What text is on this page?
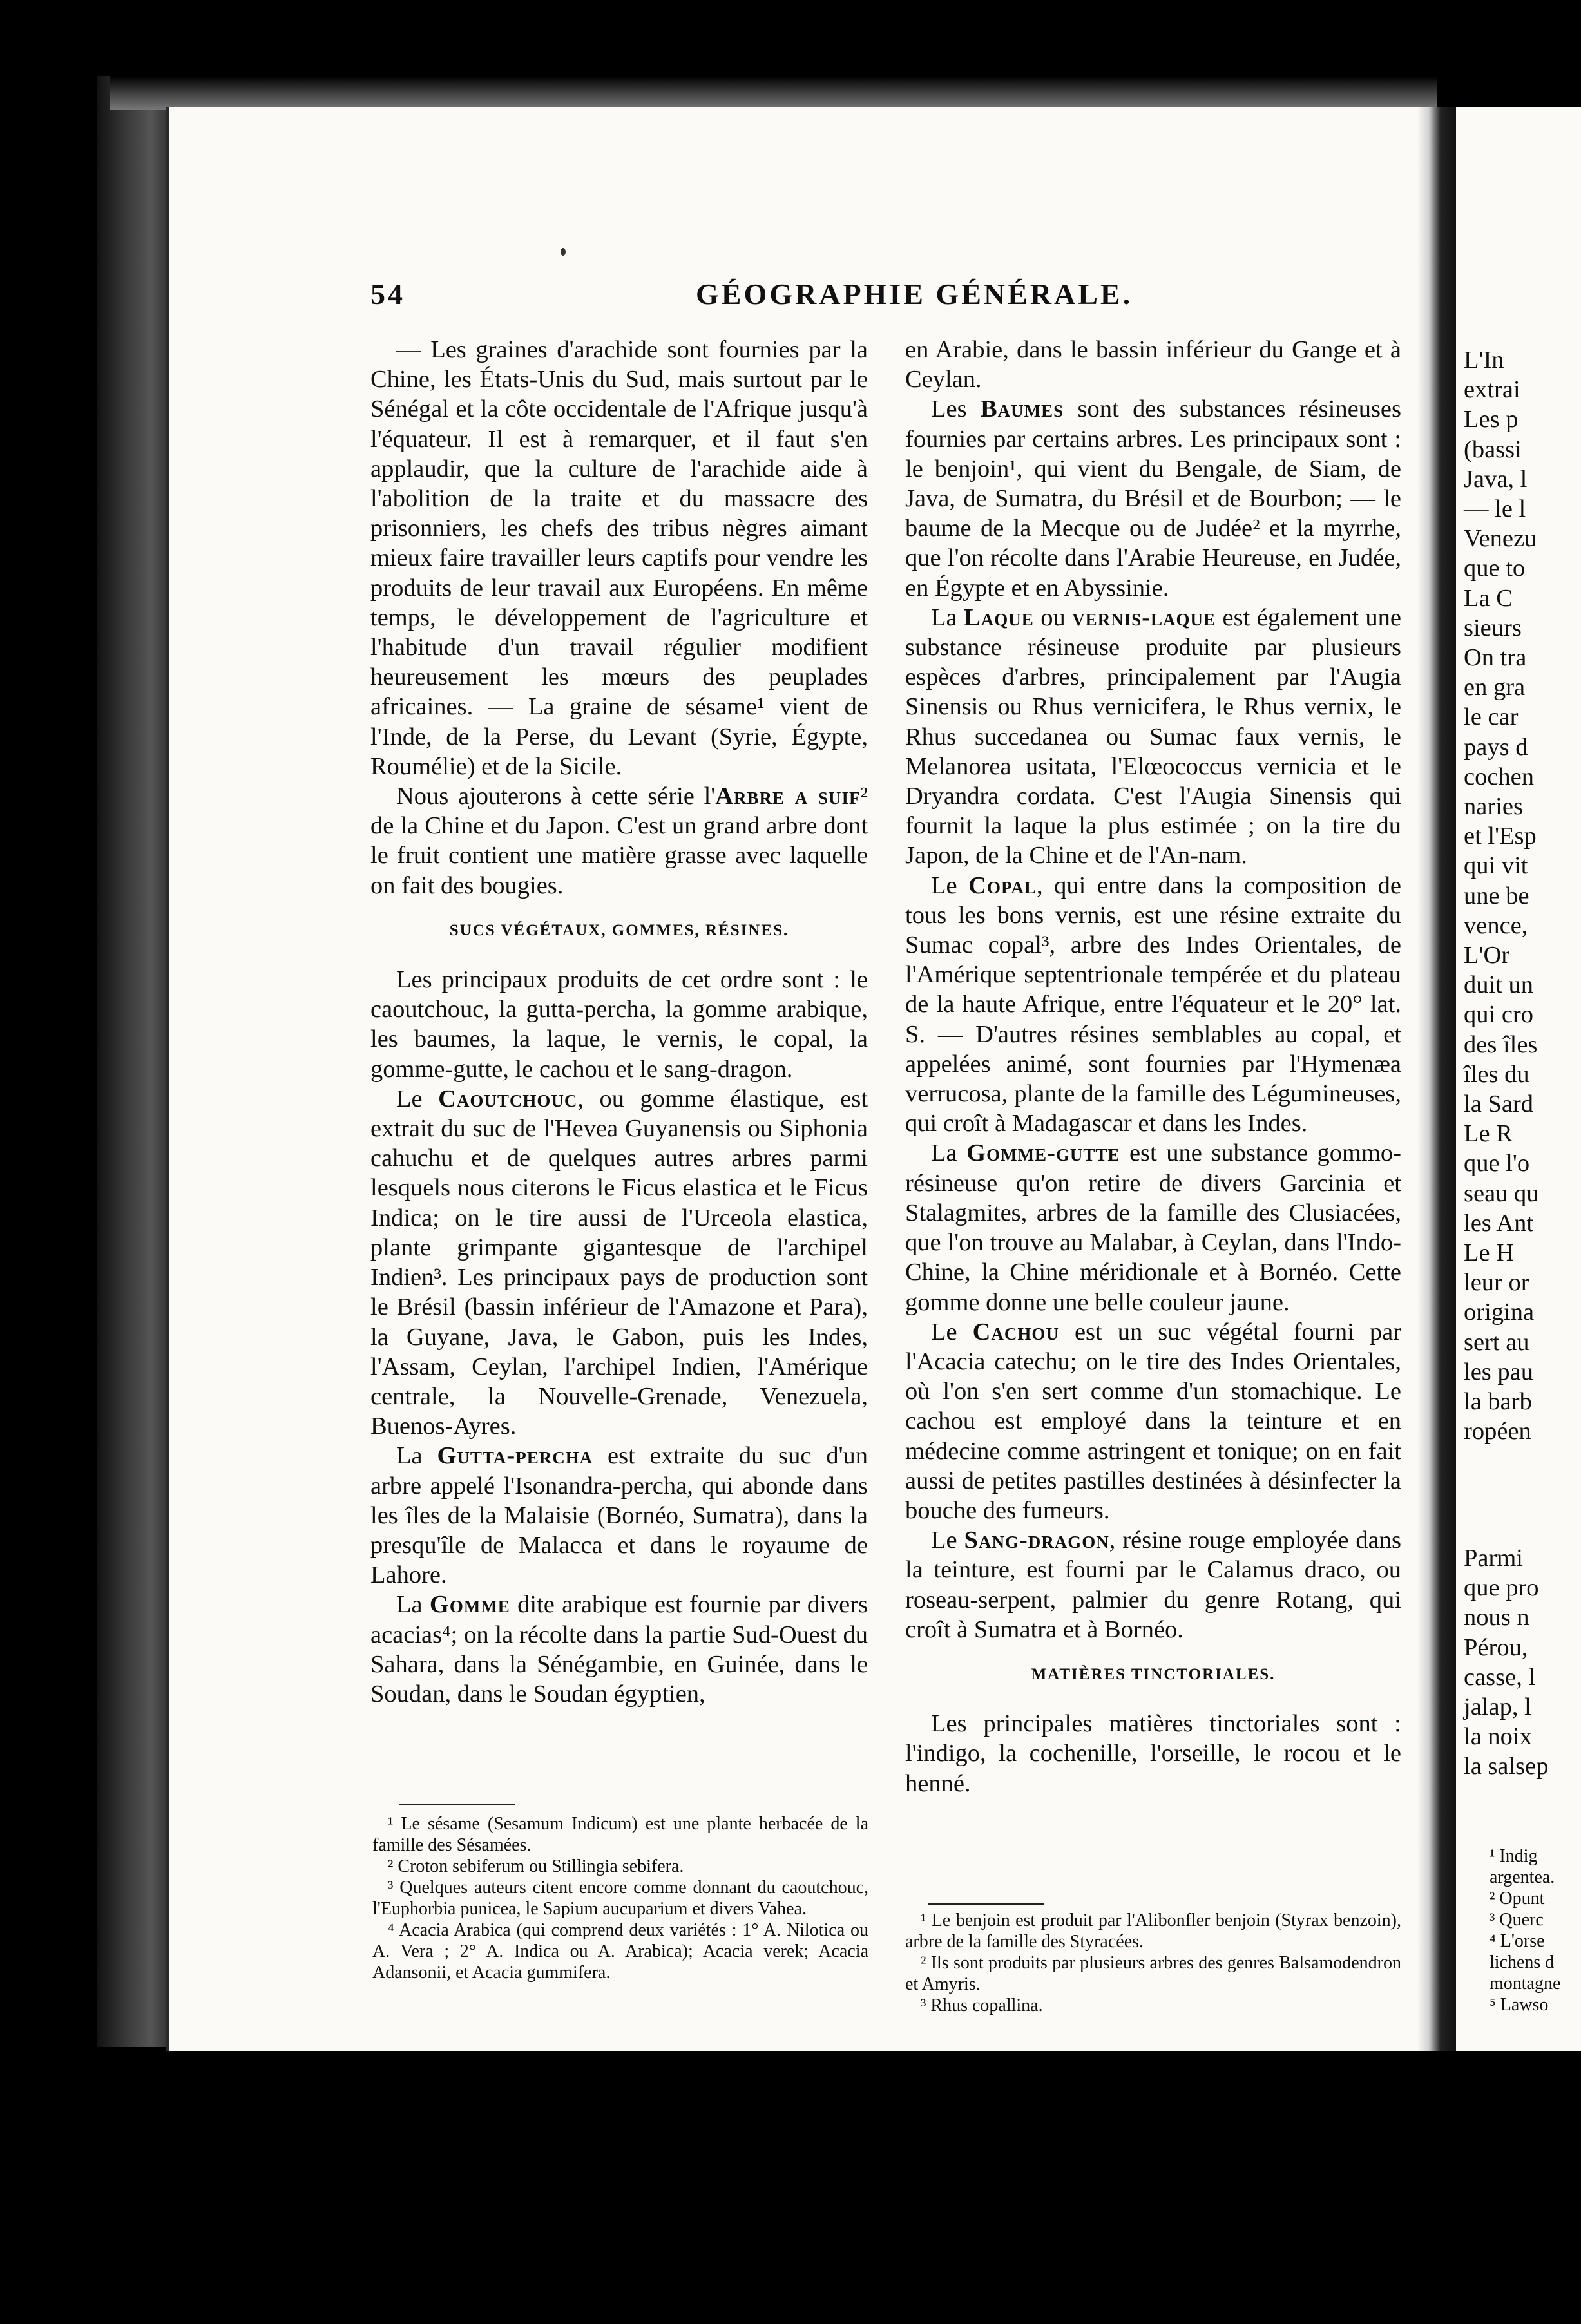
54	GÉOGRAPHIE GÉNÉRALE.

— Les graines d'arachide sont fournies par la Chine, les États-Unis du Sud, mais surtout par le Sénégal et la côte occidentale de l'Afrique jusqu'à l'équateur. Il est à remarquer, et il faut s'en applaudir, que la culture de l'arachide aide à l'abolition de la traite et du massacre des prisonniers, les chefs des tribus nègres aimant mieux faire travailler leurs captifs pour vendre les produits de leur travail aux Européens. En même temps, le développement de l'agriculture et l'habitude d'un travail régulier modifient heureusement les mœurs des peuplades africaines. — La graine de sésame¹ vient de l'Inde, de la Perse, du Levant (Syrie, Égypte, Roumélie) et de la Sicile.

Nous ajouterons à cette série l'Arbre a suif² de la Chine et du Japon. C'est un grand arbre dont le fruit contient une matière grasse avec laquelle on fait des bougies.

SUCS VÉGÉTAUX, GOMMES, RÉSINES.

Les principaux produits de cet ordre sont : le caoutchouc, la gutta-percha, la gomme arabique, les baumes, la laque, le vernis, le copal, la gomme-gutte, le cachou et le sang-dragon.

Le Caoutchouc, ou gomme élastique, est extrait du suc de l'Hevea Guyanensis ou Siphonia cahuchu et de quelques autres arbres parmi lesquels nous citerons le Ficus elastica et le Ficus Indica; on le tire aussi de l'Urceola elastica, plante grimpante gigantesque de l'archipel Indien³. Les principaux pays de production sont le Brésil (bassin inférieur de l'Amazone et Para), la Guyane, Java, le Gabon, puis les Indes, l'Assam, Ceylan, l'archipel Indien, l'Amérique centrale, la Nouvelle-Grenade, Venezuela, Buenos-Ayres.

La Gutta-percha est extraite du suc d'un arbre appelé l'Isonandra-percha, qui abonde dans les îles de la Malaisie (Bornéo, Sumatra), dans la presqu'île de Malacca et dans le royaume de Lahore.

La Gomme dite arabique est fournie par divers acacias⁴; on la récolte dans la partie Sud-Ouest du Sahara, dans la Sénégambie, en Guinée, dans le Soudan, dans le Soudan égyptien,

en Arabie, dans le bassin inférieur du Gange et à Ceylan.

Les Baumes sont des substances résineuses fournies par certains arbres. Les principaux sont : le benjoin¹, qui vient du Bengale, de Siam, de Java, de Sumatra, du Brésil et de Bourbon; — le baume de la Mecque ou de Judée² et la myrrhe, que l'on récolte dans l'Arabie Heureuse, en Judée, en Égypte et en Abyssinie.

La Laque ou vernis-laque est également une substance résineuse produite par plusieurs espèces d'arbres, principalement par l'Augia Sinensis ou Rhus vernicifera, le Rhus vernix, le Rhus succedanea ou Sumac faux vernis, le Melanorea usitata, l'Elœococcus vernicia et le Dryandra cordata. C'est l'Augia Sinensis qui fournit la laque la plus estimée ; on la tire du Japon, de la Chine et de l'An-nam.

Le Copal, qui entre dans la composition de tous les bons vernis, est une résine extraite du Sumac copal³, arbre des Indes Orientales, de l'Amérique septentrionale tempérée et du plateau de la haute Afrique, entre l'équateur et le 20° lat. S. — D'autres résines semblables au copal, et appelées animé, sont fournies par l'Hymenæa verrucosa, plante de la famille des Légumineuses, qui croît à Madagascar et dans les Indes.

La Gomme-gutte est une substance gommo-résineuse qu'on retire de divers Garcinia et Stalagmites, arbres de la famille des Clusiacées, que l'on trouve au Malabar, à Ceylan, dans l'Indo-Chine, la Chine méridionale et à Bornéo. Cette gomme donne une belle couleur jaune.

Le Cachou est un suc végétal fourni par l'Acacia catechu; on le tire des Indes Orientales, où l'on s'en sert comme d'un stomachique. Le cachou est employé dans la teinture et en médecine comme astringent et tonique; on en fait aussi de petites pastilles destinées à désinfecter la bouche des fumeurs.

Le Sang-dragon, résine rouge employée dans la teinture, est fourni par le Calamus draco, ou roseau-serpent, palmier du genre Rotang, qui croît à Sumatra et à Bornéo.

MATIÈRES TINCTORIALES.

Les principales matières tinctoriales sont : l'indigo, la cochenille, l'orseille, le rocou et le henné.

¹ Le sésame (Sesamum Indicum) est une plante herbacée de la famille des Sésamées.

² Croton sebiferum ou Stillingia sebifera.

³ Quelques auteurs citent encore comme donnant du caoutchouc, l'Euphorbia punicea, le Sapium aucuparium et divers Vahea.

⁴ Acacia Arabica (qui comprend deux variétés : 1° A. Nilotica ou A. Vera ; 2° A. Indica ou A. Arabica); Acacia verek; Acacia Adansonii, et Acacia gummifera.

¹ Le benjoin est produit par l'Alibonfler benjoin (Styrax benzoin), arbre de la famille des Styracées.

² Ils sont produits par plusieurs arbres des genres Balsamodendron et Amyris.

³ Rhus copallina.

L'In
extrai
Les p
(bassi
Java, l
— le l
Venezu
que to
La C
sieurs
On tra
en gra
le car
pays d
cochen
naries
et l'Esp
qui vit
une be
vence,
L'Or
duit un
qui cro
des îles
îles du
la Sard
Le R
que l'o
seau qu
les Ant
Le H
leur or
origina
sert au
les pau
la barb
ropéen
Parmi
que pro
nous n
Pérou,
casse, l
jalap, l
la noix
la salsep
¹ Indig
argentea.
² Opunt
³ Querc
⁴ L'orse
lichens d
montagne
⁵ Lawso
